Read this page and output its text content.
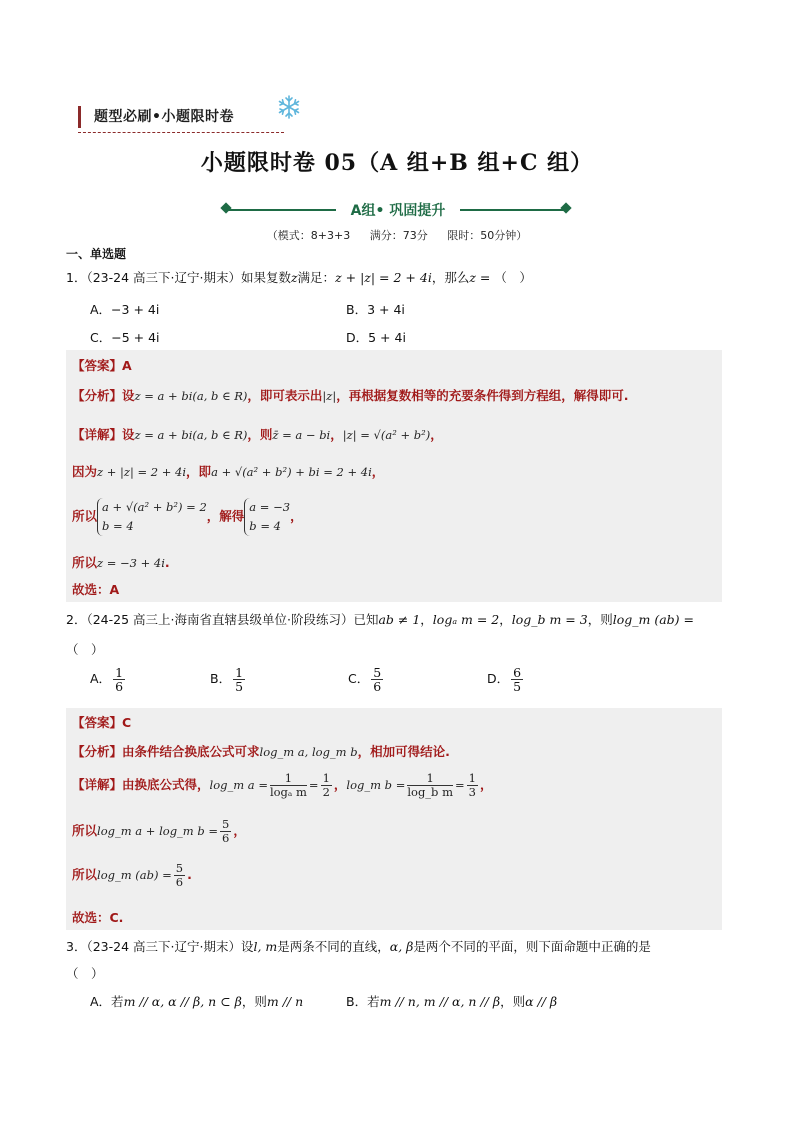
题型必刷•小题限时卷
小题限时卷 05（A 组+B 组+C 组）
A组• 巩固提升
（模式：8+3+3 满分：73分 限时：50分钟）
一、单选题
1．（23-24 高三下·辽宁·期末）如果复数z满足：z + |z| = 2 + 4i，那么z = （　）
A．−3 + 4i	B．3 + 4i
C．−5 + 4i	D．5 + 4i
【答案】A
【分析】设z = a + bi(a, b ∈ R)，即可表示出|z|，再根据复数相等的充要条件得到方程组，解得即可.
【详解】设z = a + bi(a, b ∈ R)，则z̄ = a − bi，|z| = √(a² + b²)，
因为z + |z| = 2 + 4i，即a + √(a² + b²) + bi = 2 + 4i，
所以
a + √(a² + b²) = 2
b = 4
，解得
a = −3
b = 4
，
所以z = −3 + 4i.
故选：A
2．（24-25 高三上·海南省直辖县级单位·阶段练习）已知ab ≠ 1，logₐ m = 2，log_b m = 3，则log_m (ab) =
（　）
A． $\frac{1}{6}$	B． $\frac{1}{5}$	C． $\frac{5}{6}$	D． $\frac{6}{5}$
【答案】C
【分析】由条件结合换底公式可求log_m a, log_m b，相加可得结论.
【详解】由换底公式得，log_m $a = \frac{1}{\text{logₐ m}} = \frac{1}{2}$ ，log_m $b = \frac{1}{\text{log\_b m}} = \frac{1}{3}$ ，
所以log_m a + log_m $b = \frac{5}{6}$ ，
所以log_m $(ab) = \frac{5}{6}$ .
故选：C.
3．（23-24 高三下·辽宁·期末）设l, m是两条不同的直线，α, β是两个不同的平面，则下面命题中正确的是
（　）
A．若m // α, α // β, n ⊂ β，则m // n	B．若m // n, m // α, n // β，则α // β
